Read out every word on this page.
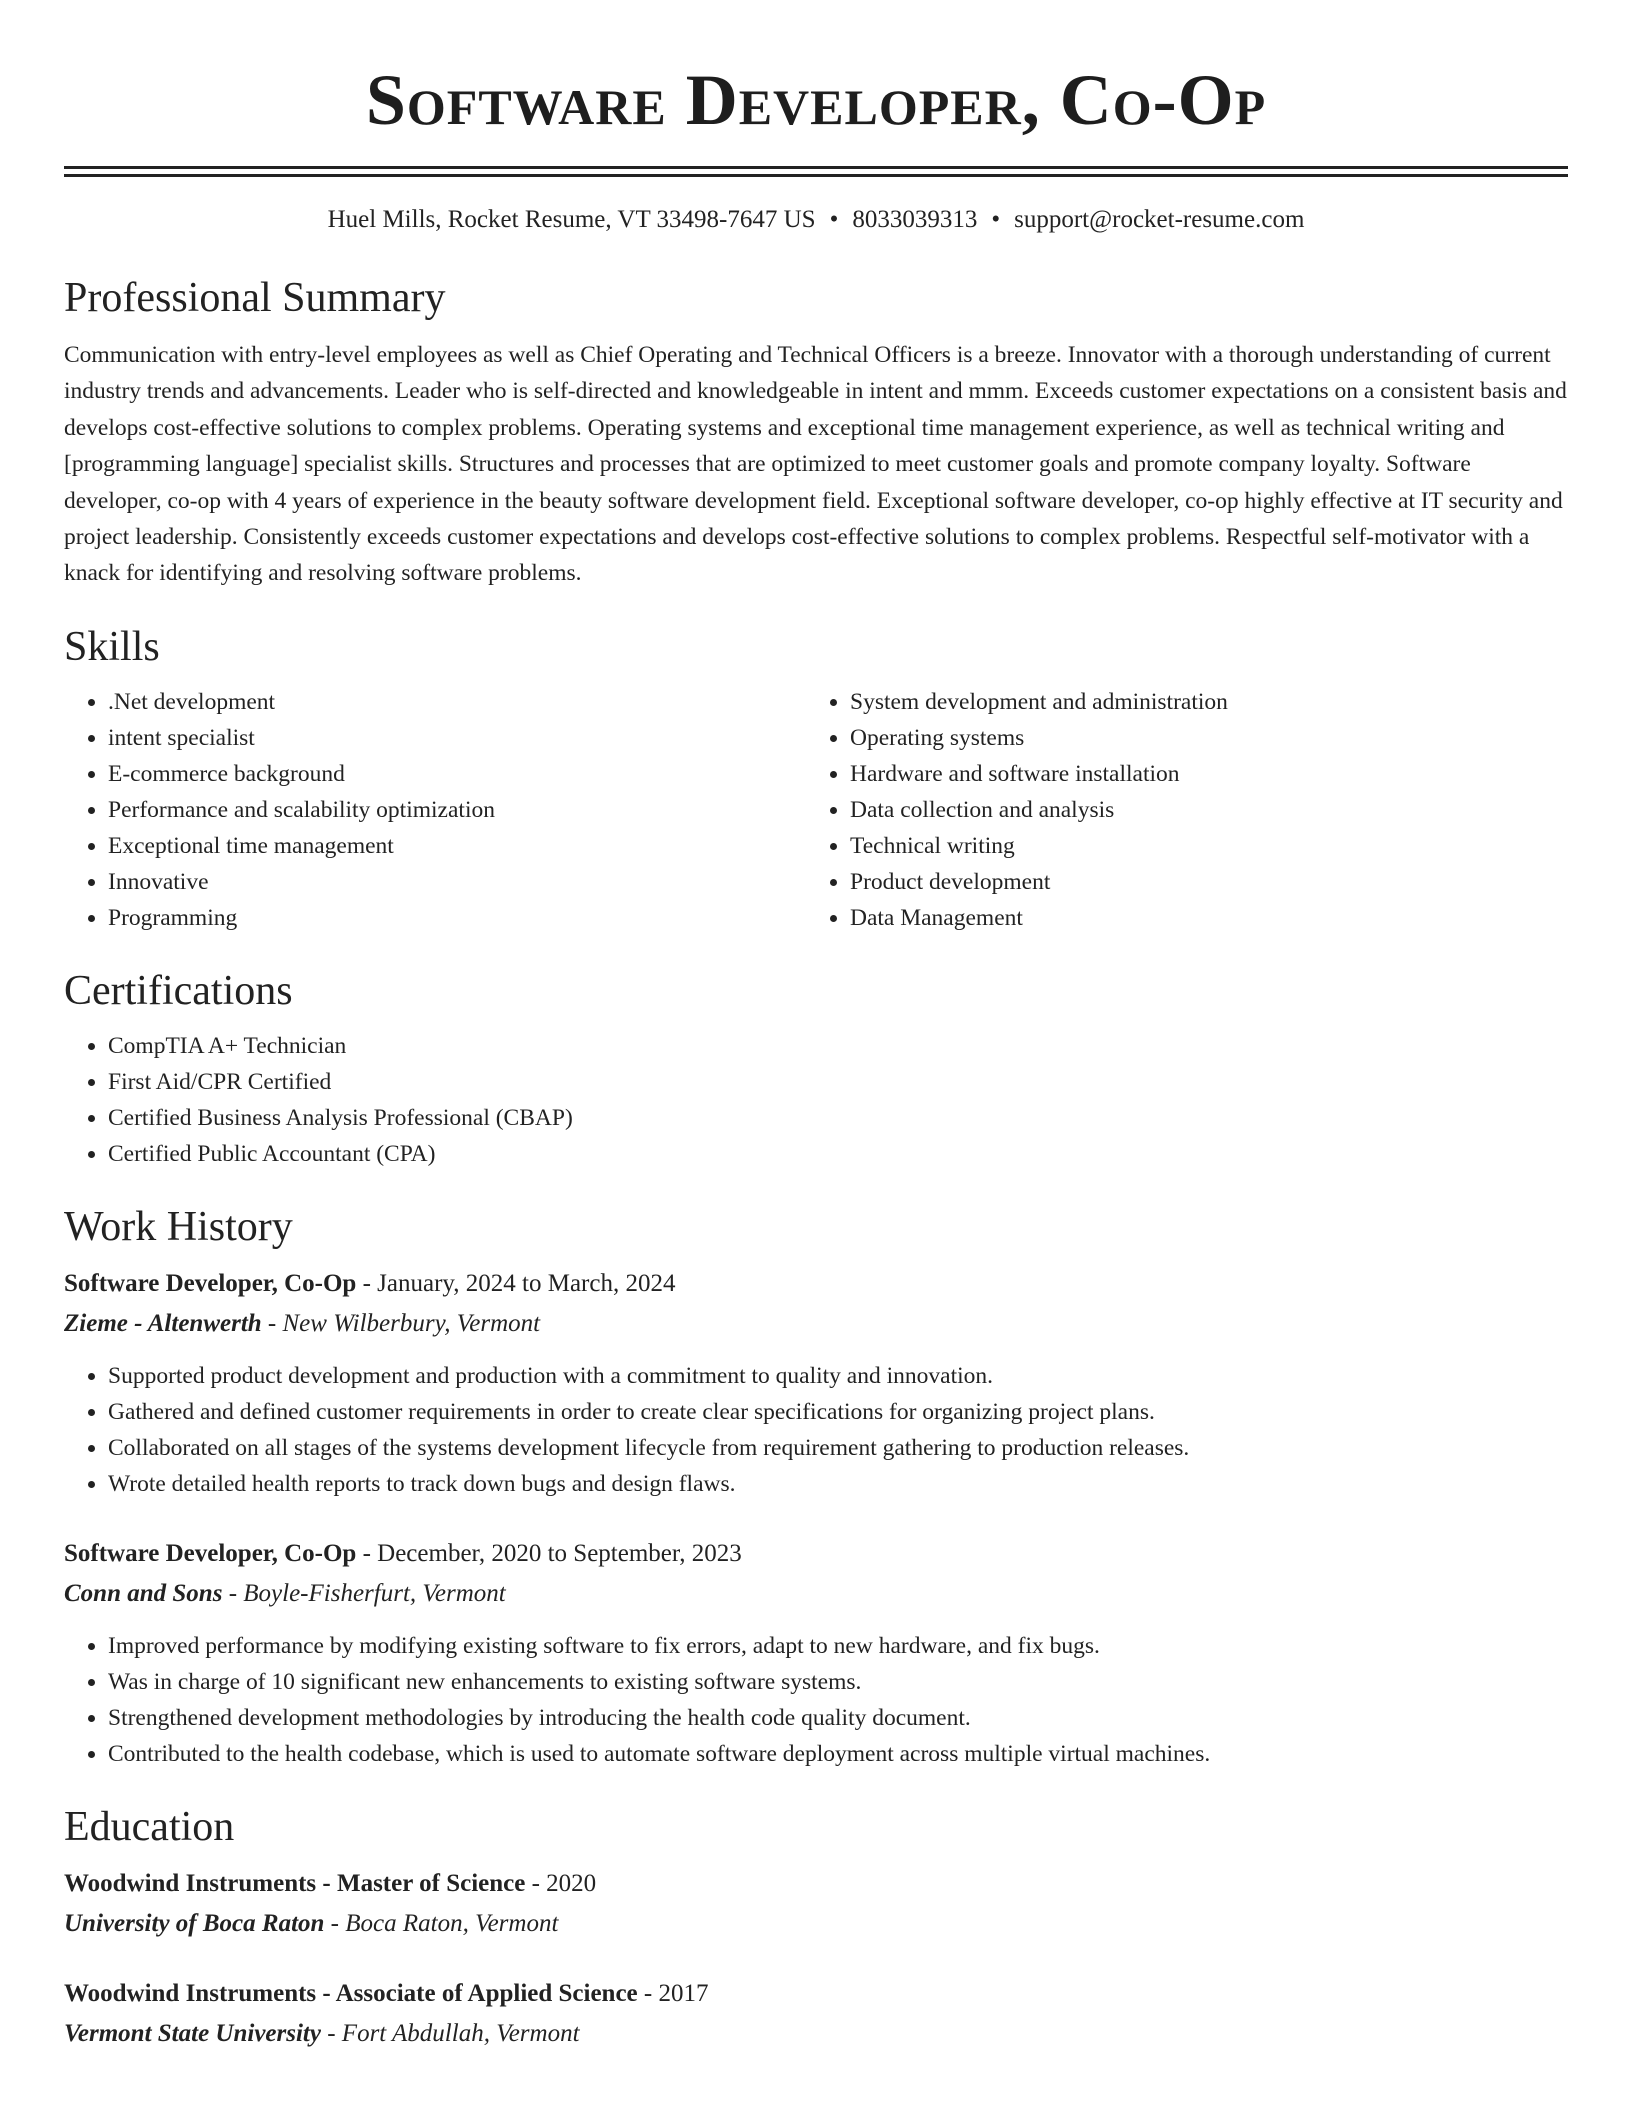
Software Developer, Co-Op
Huel Mills, Rocket Resume, VT 33498-7647 US • 8033039313 • support@rocket-resume.com
Professional Summary

Communication with entry-level employees as well as Chief Operating and Technical Officers is a breeze. Innovator with a thorough understanding of current industry trends and advancements. Leader who is self-directed and knowledgeable in intent and mmm. Exceeds customer expectations on a consistent basis and develops cost-effective solutions to complex problems. Operating systems and exceptional time management experience, as well as technical writing and [programming language] specialist skills. Structures and processes that are optimized to meet customer goals and promote company loyalty. Software developer, co-op with 4 years of experience in the beauty software development field. Exceptional software developer, co-op highly effective at IT security and project leadership. Consistently exceeds customer expectations and develops cost-effective solutions to complex problems. Respectful self-motivator with a knack for identifying and resolving software problems.

Skills
• .Net development
• intent specialist
• E-commerce background
• Performance and scalability optimization
• Exceptional time management
• Innovative
• Programming
• System development and administration
• Operating systems
• Hardware and software installation
• Data collection and analysis
• Technical writing
• Product development
• Data Management
Certifications
• CompTIA A+ Technician
• First Aid/CPR Certified
• Certified Business Analysis Professional (CBAP)
• Certified Public Accountant (CPA)
Work History
Software Developer, Co-Op - January, 2024 to March, 2024
Zieme - Altenwerth - New Wilberbury, Vermont
• Supported product development and production with a commitment to quality and innovation.
• Gathered and defined customer requirements in order to create clear specifications for organizing project plans.
• Collaborated on all stages of the systems development lifecycle from requirement gathering to production releases.
• Wrote detailed health reports to track down bugs and design flaws.
Software Developer, Co-Op - December, 2020 to September, 2023
Conn and Sons - Boyle-Fisherfurt, Vermont
• Improved performance by modifying existing software to fix errors, adapt to new hardware, and fix bugs.
• Was in charge of 10 significant new enhancements to existing software systems.
• Strengthened development methodologies by introducing the health code quality document.
• Contributed to the health codebase, which is used to automate software deployment across multiple virtual machines.
Education
Woodwind Instruments - Master of Science - 2020
University of Boca Raton - Boca Raton, Vermont
Woodwind Instruments - Associate of Applied Science - 2017
Vermont State University - Fort Abdullah, Vermont
